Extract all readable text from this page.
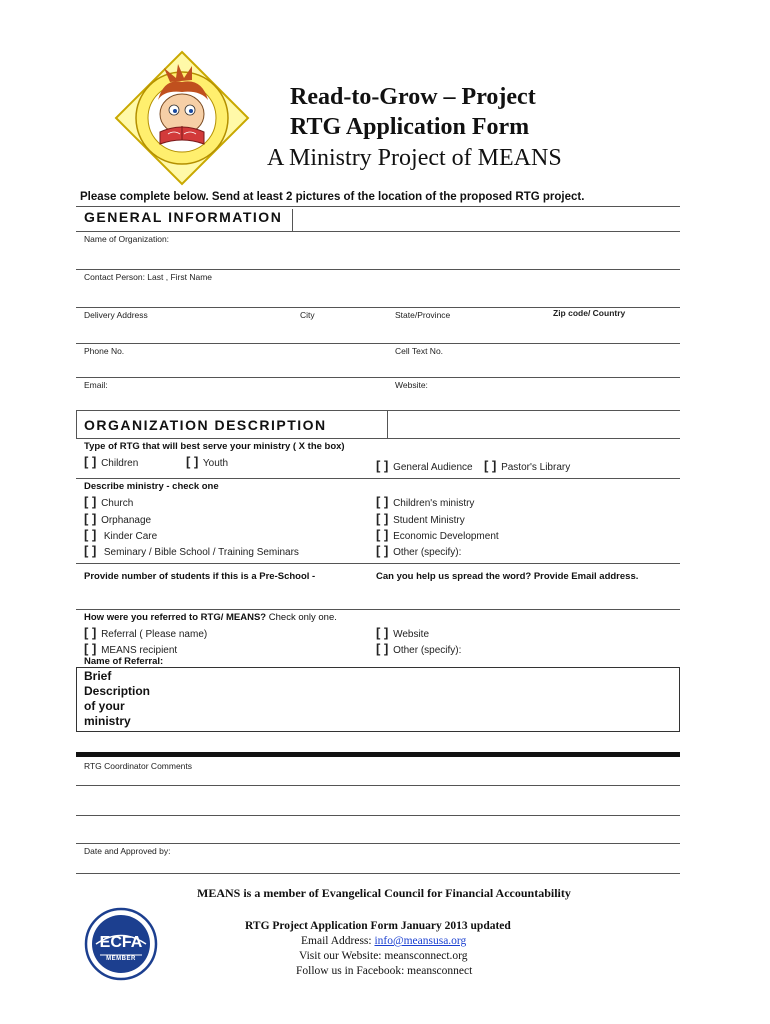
Read-to-Grow – Project
RTG Application Form
A Ministry Project of MEANS
Please complete below. Send at least 2 pictures of the location of the proposed RTG project.
GENERAL INFORMATION
Name of Organization:
Contact Person: Last , First Name
Delivery Address	City	State/Province	Zip code/ Country
Phone No.	Cell Text No.
Email:	Website:
ORGANIZATION DESCRIPTION
Type of RTG that will best serve your ministry ( X the box)
[ ] Children	[ ] Youth	[ ] General Audience [ ] Pastor's Library
Describe ministry - check one
[ ] Church
[ ] Orphanage
[ ] Kinder Care
[ ] Seminary / Bible School / Training Seminars
[ ] Children's ministry
[ ] Student Ministry
[ ] Economic Development
[ ] Other (specify):
Provide number of students if this is a Pre-School -	Can you help us spread the word? Provide Email address.
How were you referred to RTG/ MEANS? Check only one.
[ ] Referral ( Please name)
[ ] MEANS recipient
[ ] Website
[ ] Other (specify):
Name of Referral:
Brief
Description
of your
ministry
RTG Coordinator Comments
Date and Approved by:
MEANS is a member of Evangelical Council for Financial Accountability
ECFA
MEMBER
RTG Project Application Form January 2013 updated
Email Address: info@meansusa.org
Visit our Website: meansconnect.org
Follow us in Facebook: meansconnect
